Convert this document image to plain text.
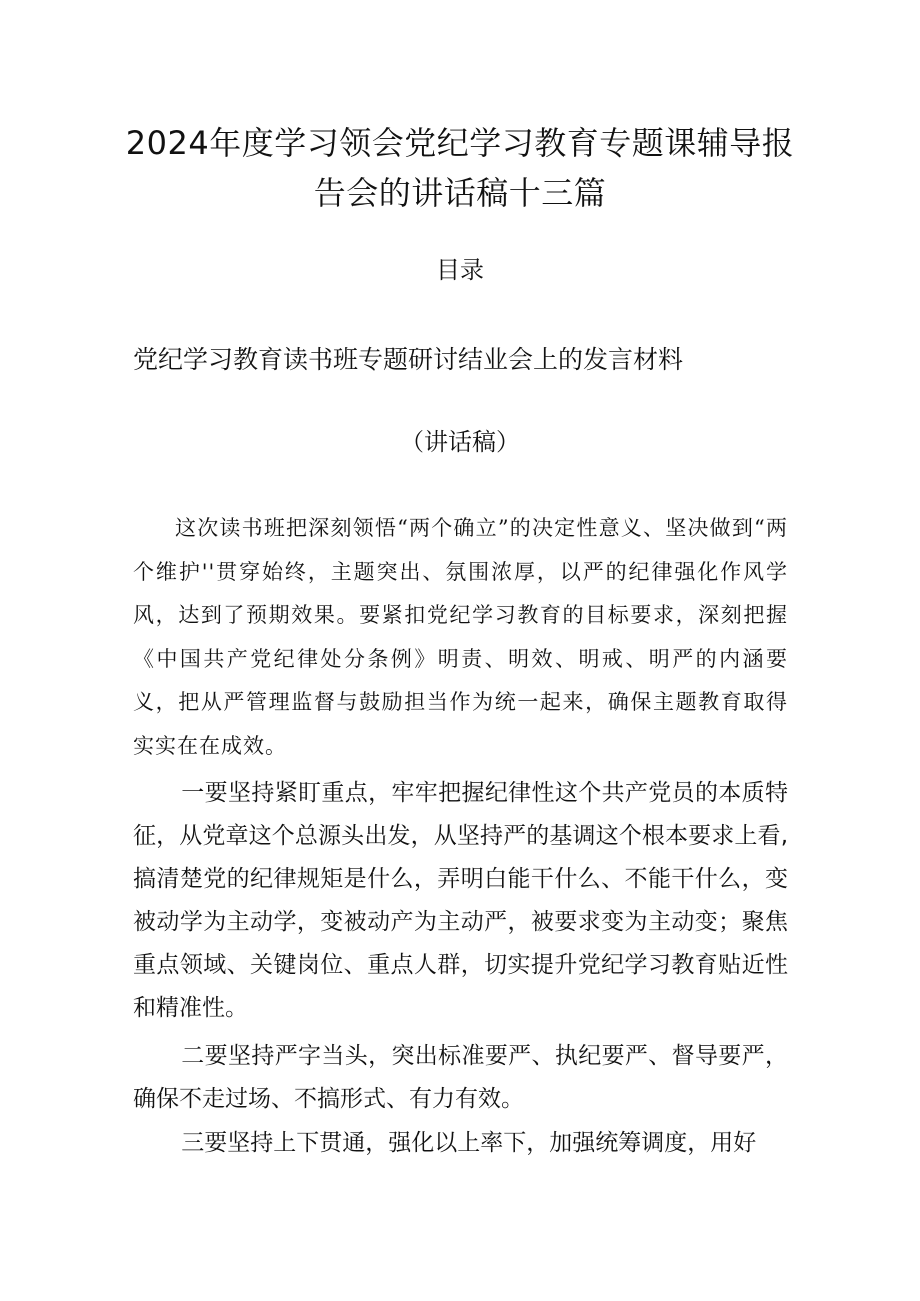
2024年度学习领会党纪学习教育专题课辅导报告会的讲话稿十三篇
目录
党纪学习教育读书班专题研讨结业会上的发言材料
（讲话稿）

这次读书班把深刻领悟“两个确立”的决定性意义、坚决做到“两个维护''贯穿始终，主题突出、氛围浓厚，以严的纪律强化作风学风，达到了预期效果。要紧扣党纪学习教育的目标要求，深刻把握《中国共产党纪律处分条例》明责、明效、明戒、明严的内涵要义，把从严管理监督与鼓励担当作为统一起来，确保主题教育取得实实在在成效。

一要坚持紧盯重点，牢牢把握纪律性这个共产党员的本质特征，从党章这个总源头出发，从坚持严的基调这个根本要求上看,搞清楚党的纪律规矩是什么，弄明白能干什么、不能干什么，变被动学为主动学，变被动产为主动严，被要求变为主动变；聚焦重点领域、关键岗位、重点人群，切实提升党纪学习教育贴近性和精准性。

二要坚持严字当头，突出标准要严、执纪要严、督导要严，确保不走过场、不搞形式、有力有效。

三要坚持上下贯通，强化以上率下，加强统筹调度，用好
